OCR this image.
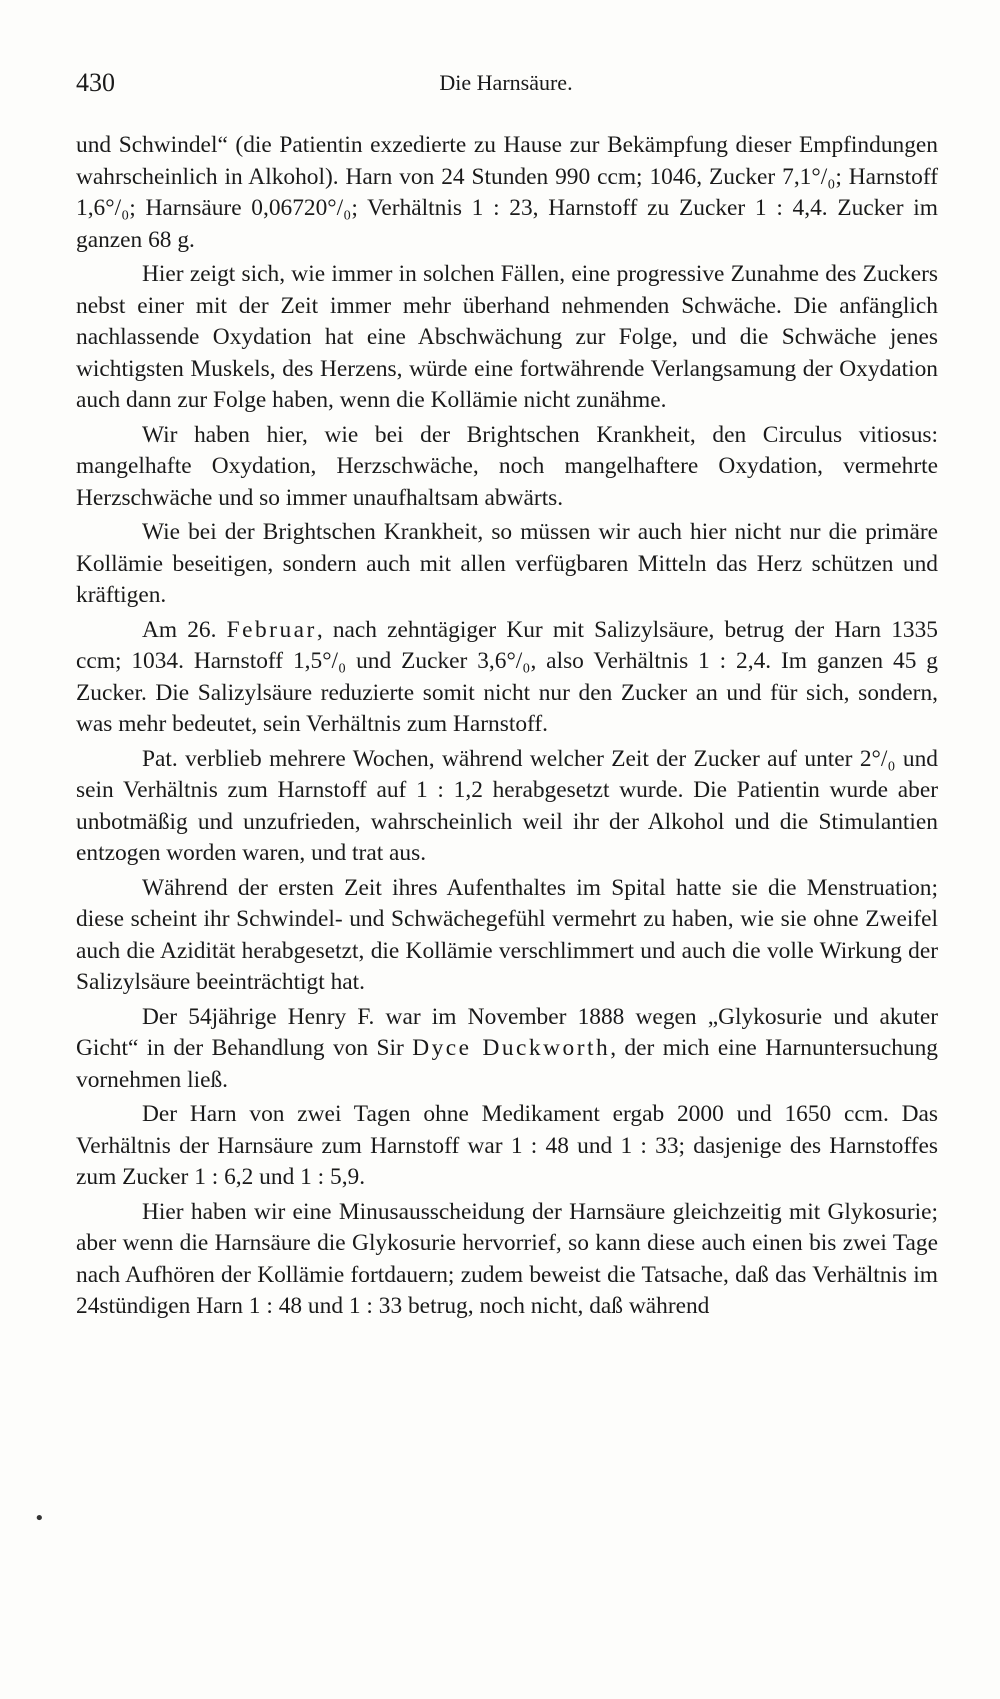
430	Die Harnsäure.

und Schwindel“ (die Patientin exzedierte zu Hause zur Bekämpfung dieser Empfindungen wahrscheinlich in Alkohol). Harn von 24 Stunden 990 ccm; 1046, Zucker 7,1°/₀; Harnstoff 1,6°/₀; Harnsäure 0,06720°/₀; Verhältnis 1 : 23, Harnstoff zu Zucker 1 : 4,4. Zucker im ganzen 68 g.

Hier zeigt sich, wie immer in solchen Fällen, eine progressive Zunahme des Zuckers nebst einer mit der Zeit immer mehr überhand nehmenden Schwäche. Die anfänglich nachlassende Oxydation hat eine Abschwächung zur Folge, und die Schwäche jenes wichtigsten Muskels, des Herzens, würde eine fortwährende Verlangsamung der Oxydation auch dann zur Folge haben, wenn die Kollämie nicht zunähme.

Wir haben hier, wie bei der Brightschen Krankheit, den Circulus vitiosus: mangelhafte Oxydation, Herzschwäche, noch mangelhaftere Oxydation, vermehrte Herzschwäche und so immer unaufhaltsam abwärts.

Wie bei der Brightschen Krankheit, so müssen wir auch hier nicht nur die primäre Kollämie beseitigen, sondern auch mit allen verfügbaren Mitteln das Herz schützen und kräftigen.

Am 26. Februar, nach zehntägiger Kur mit Salizylsäure, betrug der Harn 1335 ccm; 1034. Harnstoff 1,5°/₀ und Zucker 3,6°/₀, also Verhältnis 1 : 2,4. Im ganzen 45 g Zucker. Die Salizylsäure reduzierte somit nicht nur den Zucker an und für sich, sondern, was mehr bedeutet, sein Verhältnis zum Harnstoff.

Pat. verblieb mehrere Wochen, während welcher Zeit der Zucker auf unter 2°/₀ und sein Verhältnis zum Harnstoff auf 1 : 1,2 herabgesetzt wurde. Die Patientin wurde aber unbotmäßig und unzufrieden, wahrscheinlich weil ihr der Alkohol und die Stimulantien entzogen worden waren, und trat aus.

Während der ersten Zeit ihres Aufenthaltes im Spital hatte sie die Menstruation; diese scheint ihr Schwindel- und Schwächegefühl vermehrt zu haben, wie sie ohne Zweifel auch die Azidität herabgesetzt, die Kollämie verschlimmert und auch die volle Wirkung der Salizylsäure beeinträchtigt hat.

Der 54jährige Henry F. war im November 1888 wegen „Glykosurie und akuter Gicht“ in der Behandlung von Sir Dyce Duckworth, der mich eine Harnuntersuchung vornehmen ließ.

Der Harn von zwei Tagen ohne Medikament ergab 2000 und 1650 ccm. Das Verhältnis der Harnsäure zum Harnstoff war 1 : 48 und 1 : 33; dasjenige des Harnstoffes zum Zucker 1 : 6,2 und 1 : 5,9.

Hier haben wir eine Minusausscheidung der Harnsäure gleichzeitig mit Glykosurie; aber wenn die Harnsäure die Glykosurie hervorrief, so kann diese auch einen bis zwei Tage nach Aufhören der Kollämie fortdauern; zudem beweist die Tatsache, daß das Verhältnis im 24stündigen Harn 1 : 48 und 1 : 33 betrug, noch nicht, daß während

•
